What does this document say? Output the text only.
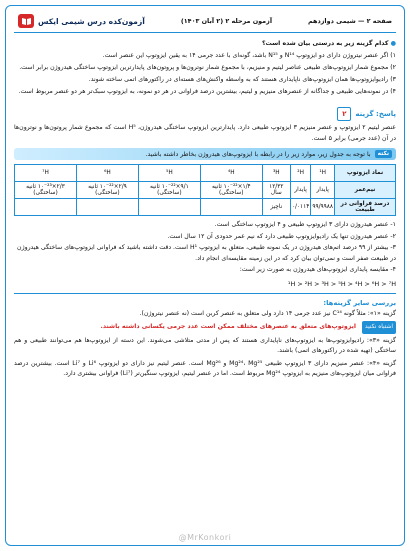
صفحه ۲ — شیمی دوازدهم
آزمون مرحله ۲ (۲ آبان ۱۴۰۳)
آزمون‌کده درس شیمی ایکس

● کدام گزینه زیر به درستی بیان شده است؟

۱) اگر عنصر نیتروژن دارای دو ایزوتوپ N¹⁴ و N¹⁵ باشد، گونه‌ای با عدد جرمی ۱۴ به یقین ایزوتوپ این عنصر است.

۲) مجموع شمار ایزوتوپ‌های طبیعی عناصر لیتیم و منیزیم، با مجموع شمار نوترون‌ها و پروتون‌های پایدارترین ایزوتوپ ساختگی هیدروژن برابر است.

۳) رادیوایزوتوپ‌ها همان ایزوتوپ‌های ناپایداری هستند که به واسطه واکنش‌های هسته‌ای در راکتورهای اتمی ساخته شوند.

۴) در نمونه‌هایی طبیعی و جداگانه از عنصرهای منیزیم و لیتیم، بیشترین درصد فراوانی در هر دو نمونه، به ایزوتوپ سبک‌تر هر دو عنصر مربوط است.

پاسخ: گزینه
۲
عنصر لیتیم ۲ ایزوتوپ و عنصر منیزیم ۳ ایزوتوپ طبیعی دارد. پایدارترین ایزوتوپ ساختگی هیدروژن، H⁵ است که مجموع شمار پروتون‌ها و نوترون‌ها در آن (عدد جرمی) برابر ۵ است.
نکته
با توجه به جدول زیر، موارد زیر را در رابطه با ایزوتوپ‌های هیدروژن بخاطر داشته باشید.
نماد ایزوتوپ	¹H	²H	³H	⁴H	⁵H	⁶H	⁷H
نیم‌عمر	پایدار	پایدار	۱۲/۳۲ سال	۱/۴×۱۰⁻²² ثانیه (ساختگی)	۹/۱×۱۰⁻²² ثانیه (ساختگی)	۲/۹×۱۰⁻²² ثانیه (ساختگی)	۲/۳×۱۰⁻²³ ثانیه (ساختگی)
درصد فراوانی در طبیعت	۹۹/۹۹۸۸	۰/۰۱۱۴	ناچیز				

۱- عنصر هیدروژن دارای ۳ ایزوتوپ طبیعی و ۴ ایزوتوپ ساختگی است.

۲- عنصر هیدروژن تنها یک رادیوایزوتوپ طبیعی دارد که نیم عمر حدودی آن ۱۲ سال است.

۳- بیشتر از ۹۹ درصد اتم‌های هیدروژن در یک نمونه طبیعی، متعلق به ایزوتوپ H¹ است. دقت داشته باشید که فراوانی ایزوتوپ‌های ساختگی هیدروژن در طبیعت صفر است و نمی‌توان بیان کرد که در این زمینه مقایسه‌ای انجام داد.

۴- مقایسه پایداری ایزوتوپ‌های هیدروژن به صورت زیر است:

¹H > ²H > ³H > ⁵H > ⁴H > ⁶H > ⁷H
بررسی سایر گزینه‌ها:
گزینه «۱»: مثلاً گونه C¹⁴ نیز عدد جرمی ۱۴ دارد ولی متعلق به عنصر کربن است (نه عنصر نیتروژن).
اشتباه نکنید ایزوتوپ‌های متعلق به عنصرهای مختلف ممکن است عدد جرمی یکسانی داشته باشند.
گزینه «۳»: رادیوایزوتوپ‌ها به ایزوتوپ‌های ناپایداری هستند که پس از مدتی متلاشی می‌شوند. این دسته از ایزوتوپ‌ها هم می‌توانند طبیعی و هم ساختگی (تهیه شده در راکتورهای اتمی) باشند.
گزینه «۴»: عنصر منیزیم دارای ۳ ایزوتوپ طبیعی Mg²⁴، Mg²⁵ و Mg²⁶ است. عنصر لیتیم نیز دارای دو ایزوتوپ Li⁶ و Li⁷ است. بیشترین درصد فراوانی میان ایزوتوپ‌های منیزیم به ایزوتوپ Mg²⁴ مربوط است. اما در عنصر لیتیم، ایزوتوپ سنگین‌تر (Li⁷) فراوانی بیشتری دارد.
@MrKonkori
